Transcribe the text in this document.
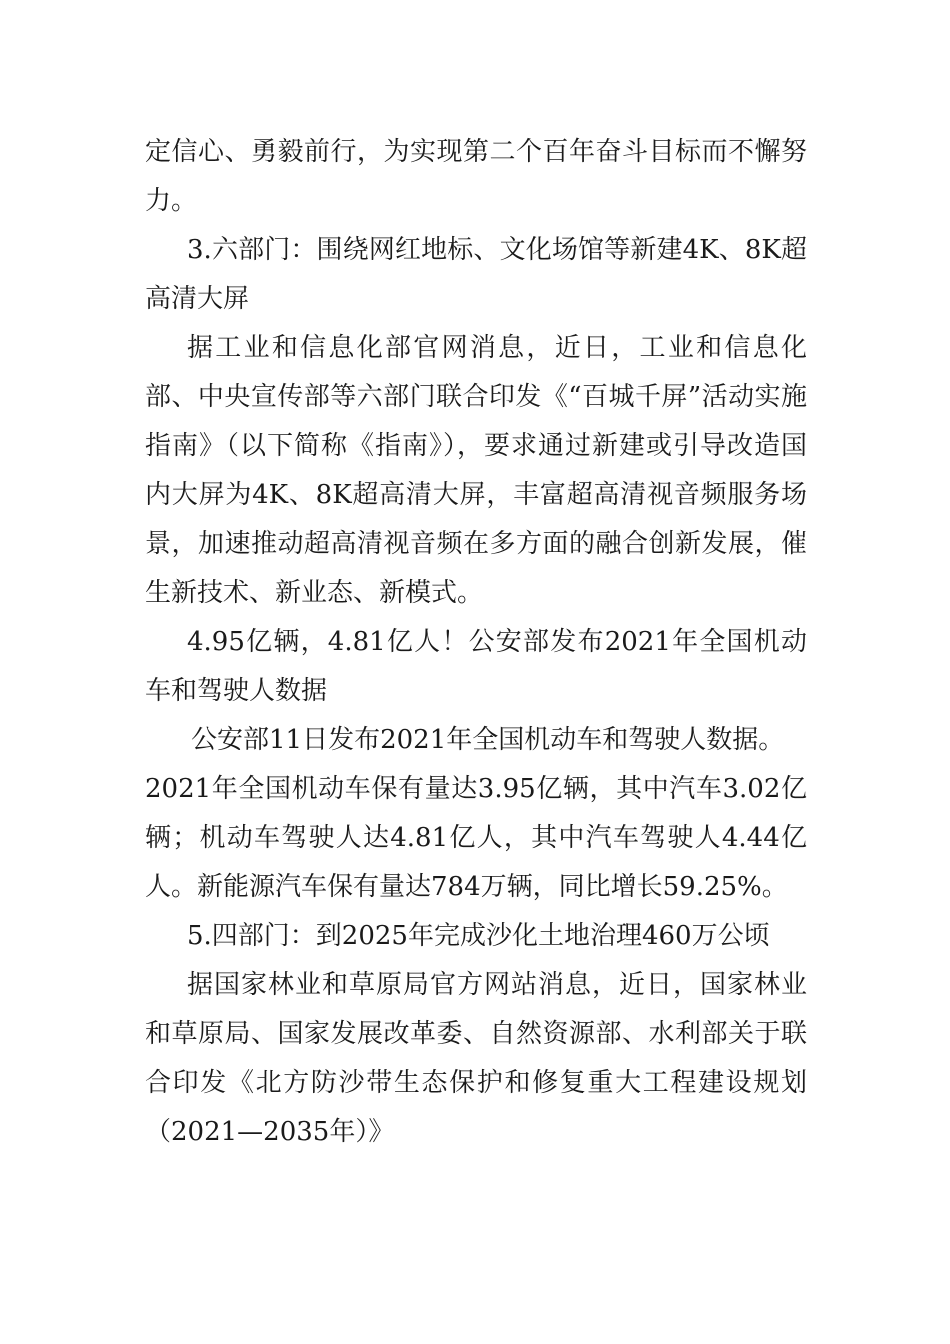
定信心、勇毅前行，为实现第二个百年奋斗目标而不懈努力。

3.六部门：围绕网红地标、文化场馆等新建4K、8K超高清大屏

据工业和信息化部官网消息，近日，工业和信息化部、中央宣传部等六部门联合印发《“百城千屏”活动实施指南》（以下简称《指南》），要求通过新建或引导改造国内大屏为4K、8K超高清大屏，丰富超高清视音频服务场景，加速推动超高清视音频在多方面的融合创新发展，催生新技术、新业态、新模式。

4.95亿辆，4.81亿人！公安部发布2021年全国机动车和驾驶人数据

公安部11日发布2021年全国机动车和驾驶人数据。

2021年全国机动车保有量达3.95亿辆，其中汽车3.02亿辆；机动车驾驶人达4.81亿人，其中汽车驾驶人4.44亿人。新能源汽车保有量达784万辆，同比增长59.25%。

5.四部门：到2025年完成沙化土地治理460万公顷

据国家林业和草原局官方网站消息，近日，国家林业和草原局、国家发展改革委、自然资源部、水利部关于联合印发《北方防沙带生态保护和修复重大工程建设规划（2021—2035年）》
